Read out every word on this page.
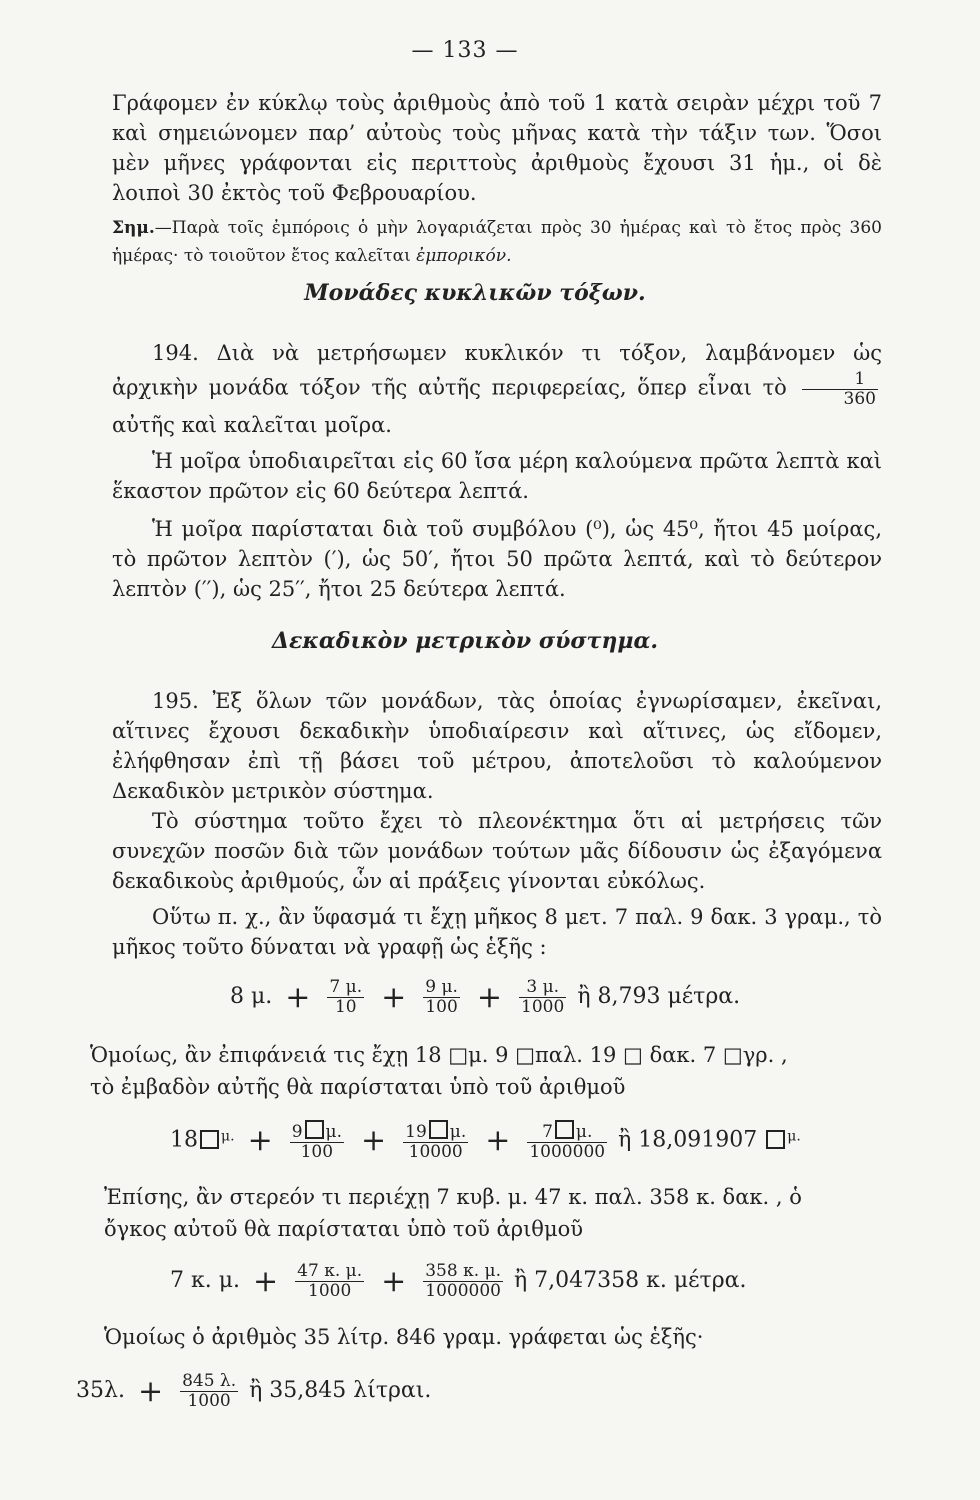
— 133 —
Γράφομεν ἐν κύκλῳ τοὺς ἀριθμοὺς ἀπὸ τοῦ 1 κατὰ σειρὰν μέχρι τοῦ 7 καὶ σημειώνομεν παρ’ αὐτοὺς τοὺς μῆνας κατὰ τὴν τάξιν των. Ὅσοι μὲν μῆνες γράφονται εἰς περιττοὺς ἀριθμοὺς ἔχουσι 31 ἡμ., οἱ δὲ λοιποὶ 30 ἐκτὸς τοῦ Φεβρουαρίου.
Σημ.—Παρὰ τοῖς ἐμπόροις ὁ μὴν λογαριάζεται πρὸς 30 ἡμέρας καὶ τὸ ἔτος πρὸς 360 ἡμέρας· τὸ τοιοῦτον ἔτος καλεῖται ἐμπορικόν.
Μονάδες κυκλικῶν τόξων.
194. Διὰ νὰ μετρήσωμεν κυκλικόν τι τόξον, λαμβάνομεν ὡς ἀρχικὴν μονάδα τόξον τῆς αὐτῆς περιφερείας, ὅπερ εἶναι τὸ $\frac{1}{360}$
αὐτῆς καὶ καλεῖται μοῖρα.
Ἡ μοῖρα ὑποδιαιρεῖται εἰς 60 ἴσα μέρη καλούμενα πρῶτα λεπτὰ καὶ ἕκαστον πρῶτον εἰς 60 δεύτερα λεπτά.
Ἡ μοῖρα παρίσταται διὰ τοῦ συμβόλου (⁰), ὡς 45⁰, ἤτοι 45 μοίρας, τὸ πρῶτον λεπτὸν (′), ὡς 50′, ἤτοι 50 πρῶτα λεπτά, καὶ τὸ δεύτερον λεπτὸν (′′), ὡς 25′′, ἤτοι 25 δεύτερα λεπτά.
Δεκαδικὸν μετρικὸν σύστημα.
195. Ἐξ ὅλων τῶν μονάδων, τὰς ὁποίας ἐγνωρίσαμεν, ἐκεῖναι, αἵτινες ἔχουσι δεκαδικὴν ὑποδιαίρεσιν καὶ αἵτινες, ὡς εἴδομεν, ἐλήφθησαν ἐπὶ τῇ βάσει τοῦ μέτρου, ἀποτελοῦσι τὸ καλούμενον Δεκαδικὸν μετρικὸν σύστημα.
Τὸ σύστημα τοῦτο ἔχει τὸ πλεονέκτημα ὅτι αἱ μετρήσεις τῶν συνεχῶν ποσῶν διὰ τῶν μονάδων τούτων μᾶς δίδουσιν ὡς ἐξαγόμενα δεκαδικοὺς ἀριθμούς, ὧν αἱ πράξεις γίνονται εὐκόλως.
Οὕτω π. χ., ἂν ὕφασμά τι ἔχῃ μῆκος 8 μετ. 7 παλ. 9 δακ. 3 γραμ., τὸ μῆκος τοῦτο δύναται νὰ γραφῇ ὡς ἑξῆς :
8 μ. + $\frac{7 \mu.}{10} + \frac{9 \mu.}{100} + \frac{3 \mu.}{1000}$ ἢ 8,793 μέτρα.
Ὁμοίως, ἂν ἐπιφάνειά τις ἔχῃ 18 □μ. 9 □παλ. 19 □ δακ. 7 □γρ. ,
τὸ ἐμβαδὸν αὐτῆς θὰ παρίσταται ὑπὸ τοῦ ἀριθμοῦ
18 $^{\mu.} + \frac{9 \mu.}{100} + \frac{19 \mu.}{10000} + \frac{7 \mu.}{1000000}$ ἢ 18,091907 $^{\mu.}$
Ἐπίσης, ἂν στερεόν τι περιέχῃ 7 κυβ. μ. 47 κ. παλ. 358 κ. δακ. , ὁ
ὄγκος αὐτοῦ θὰ παρίσταται ὑπὸ τοῦ ἀριθμοῦ
7 κ. μ. + $\frac{47 \kappa. \mu.}{1000} + \frac{358 \kappa. \mu.}{1000000}$ ἢ 7,047358 κ. μέτρα.
Ὁμοίως ὁ ἀριθμὸς 35 λίτρ. 846 γραμ. γράφεται ὡς ἑξῆς·
35λ. + $\frac{845 \lambda.}{1000}$ ἢ 35,845 λίτραι.
